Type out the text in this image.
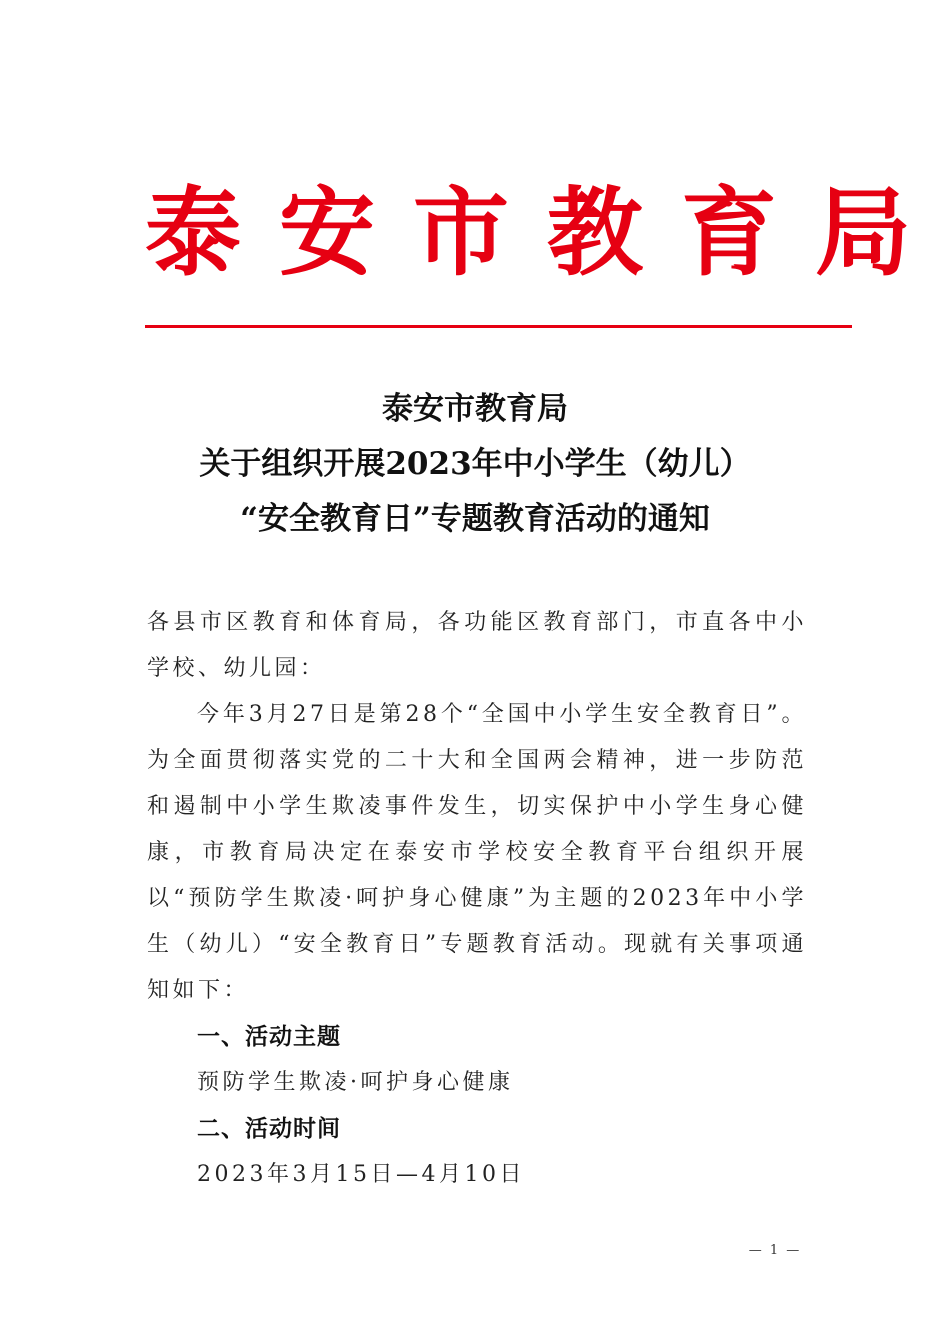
泰安市教育局
泰安市教育局
关于组织开展2023年中小学生（幼儿）
“安全教育日”专题教育活动的通知

各县市区教育和体育局，各功能区教育部门，市直各中小学校、幼儿园：

今年3月27日是第28个“全国中小学生安全教育日”。为全面贯彻落实党的二十大和全国两会精神，进一步防范和遏制中小学生欺凌事件发生，切实保护中小学生身心健康，市教育局决定在泰安市学校安全教育平台组织开展以“预防学生欺凌·呵护身心健康”为主题的2023年中小学生（幼儿）“安全教育日”专题教育活动。现就有关事项通知如下：

一、活动主题

预防学生欺凌·呵护身心健康

二、活动时间

2023年3月15日—4月10日

— 1 —
